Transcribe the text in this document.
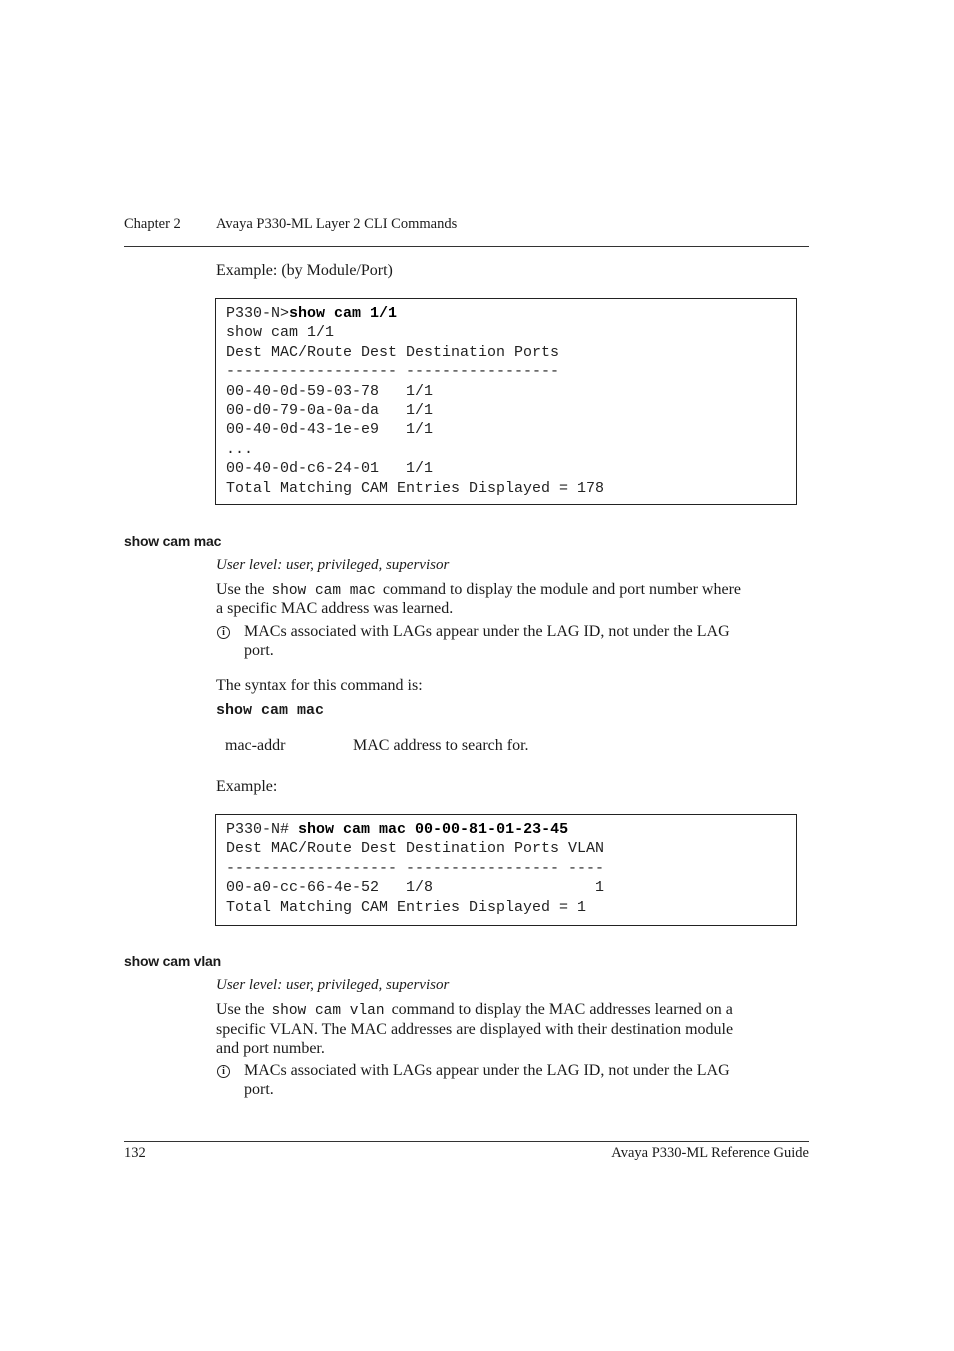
Chapter 2 Avaya P330-ML Layer 2 CLI Commands
Example: (by Module/Port)
P330-N>show cam 1/1
show cam 1/1
Dest MAC/Route Dest Destination Ports
------------------- -----------------
00-40-0d-59-03-78   1/1
00-d0-79-0a-0a-da   1/1
00-40-0d-43-1e-e9   1/1
...
00-40-0d-c6-24-01   1/1
Total Matching CAM Entries Displayed = 178
show cam mac
User level: user, privileged, supervisor
Use the show cam mac command to display the module and port number where
a specific MAC address was learned.
i	MACs associated with LAGs appear under the LAG ID, not under the LAG
port.
The syntax for this command is:
show cam mac
mac-addr	MAC address to search for.
Example:
P330-N# show cam mac 00-00-81-01-23-45
Dest MAC/Route Dest Destination Ports VLAN
------------------- ----------------- ----
00-a0-cc-66-4e-52   1/8                  1
Total Matching CAM Entries Displayed = 1
show cam vlan
User level: user, privileged, supervisor
Use the show cam vlan command to display the MAC addresses learned on a
specific VLAN. The MAC addresses are displayed with their destination module
and port number.
i	MACs associated with LAGs appear under the LAG ID, not under the LAG
port.
132	Avaya P330-ML Reference Guide
